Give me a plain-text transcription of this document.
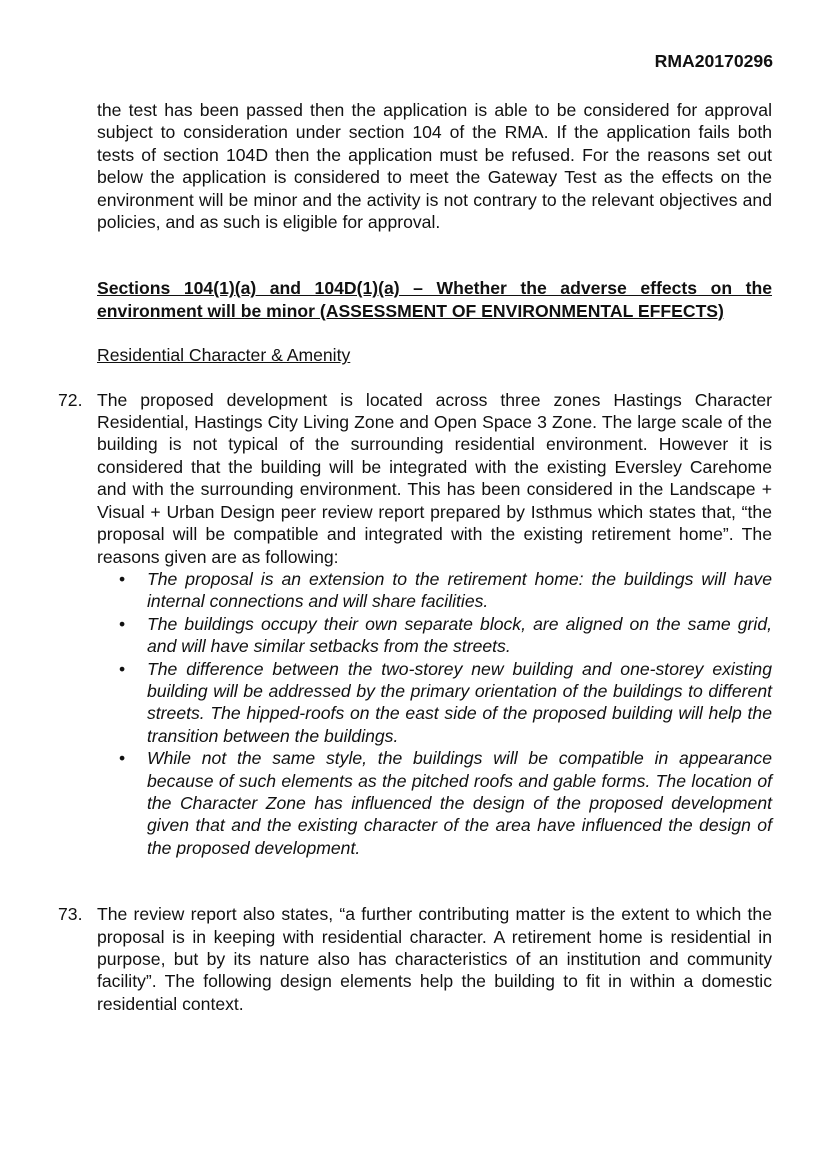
RMA20170296

the test has been passed then the application is able to be considered for approval subject to consideration under section 104 of the RMA. If the application fails both tests of section 104D then the application must be refused. For the reasons set out below the application is considered to meet the Gateway Test as the effects on the environment will be minor and the activity is not contrary to the relevant objectives and policies, and as such is eligible for approval.

Sections 104(1)(a) and 104D(1)(a) – Whether the adverse effects on the environment will be minor (ASSESSMENT OF ENVIRONMENTAL EFFECTS)
Residential Character & Amenity
72. The proposed development is located across three zones Hastings Character Residential, Hastings City Living Zone and Open Space 3 Zone. The large scale of the building is not typical of the surrounding residential environment. However it is considered that the building will be integrated with the existing Eversley Carehome and with the surrounding environment. This has been considered in the Landscape + Visual + Urban Design peer review report prepared by Isthmus which states that, “the proposal will be compatible and integrated with the existing retirement home”. The reasons given are as following:

• The proposal is an extension to the retirement home: the buildings will have internal connections and will share facilities.
• The buildings occupy their own separate block, are aligned on the same grid, and will have similar setbacks from the streets.
• The difference between the two-storey new building and one-storey existing building will be addressed by the primary orientation of the buildings to different streets. The hipped-roofs on the east side of the proposed building will help the transition between the buildings.
• While not the same style, the buildings will be compatible in appearance because of such elements as the pitched roofs and gable forms. The location of the Character Zone has influenced the design of the proposed development given that and the existing character of the area have influenced the design of the proposed development.
73. The review report also states, “a further contributing matter is the extent to which the proposal is in keeping with residential character. A retirement home is residential in purpose, but by its nature also has characteristics of an institution and community facility”. The following design elements help the building to fit in within a domestic residential context.
